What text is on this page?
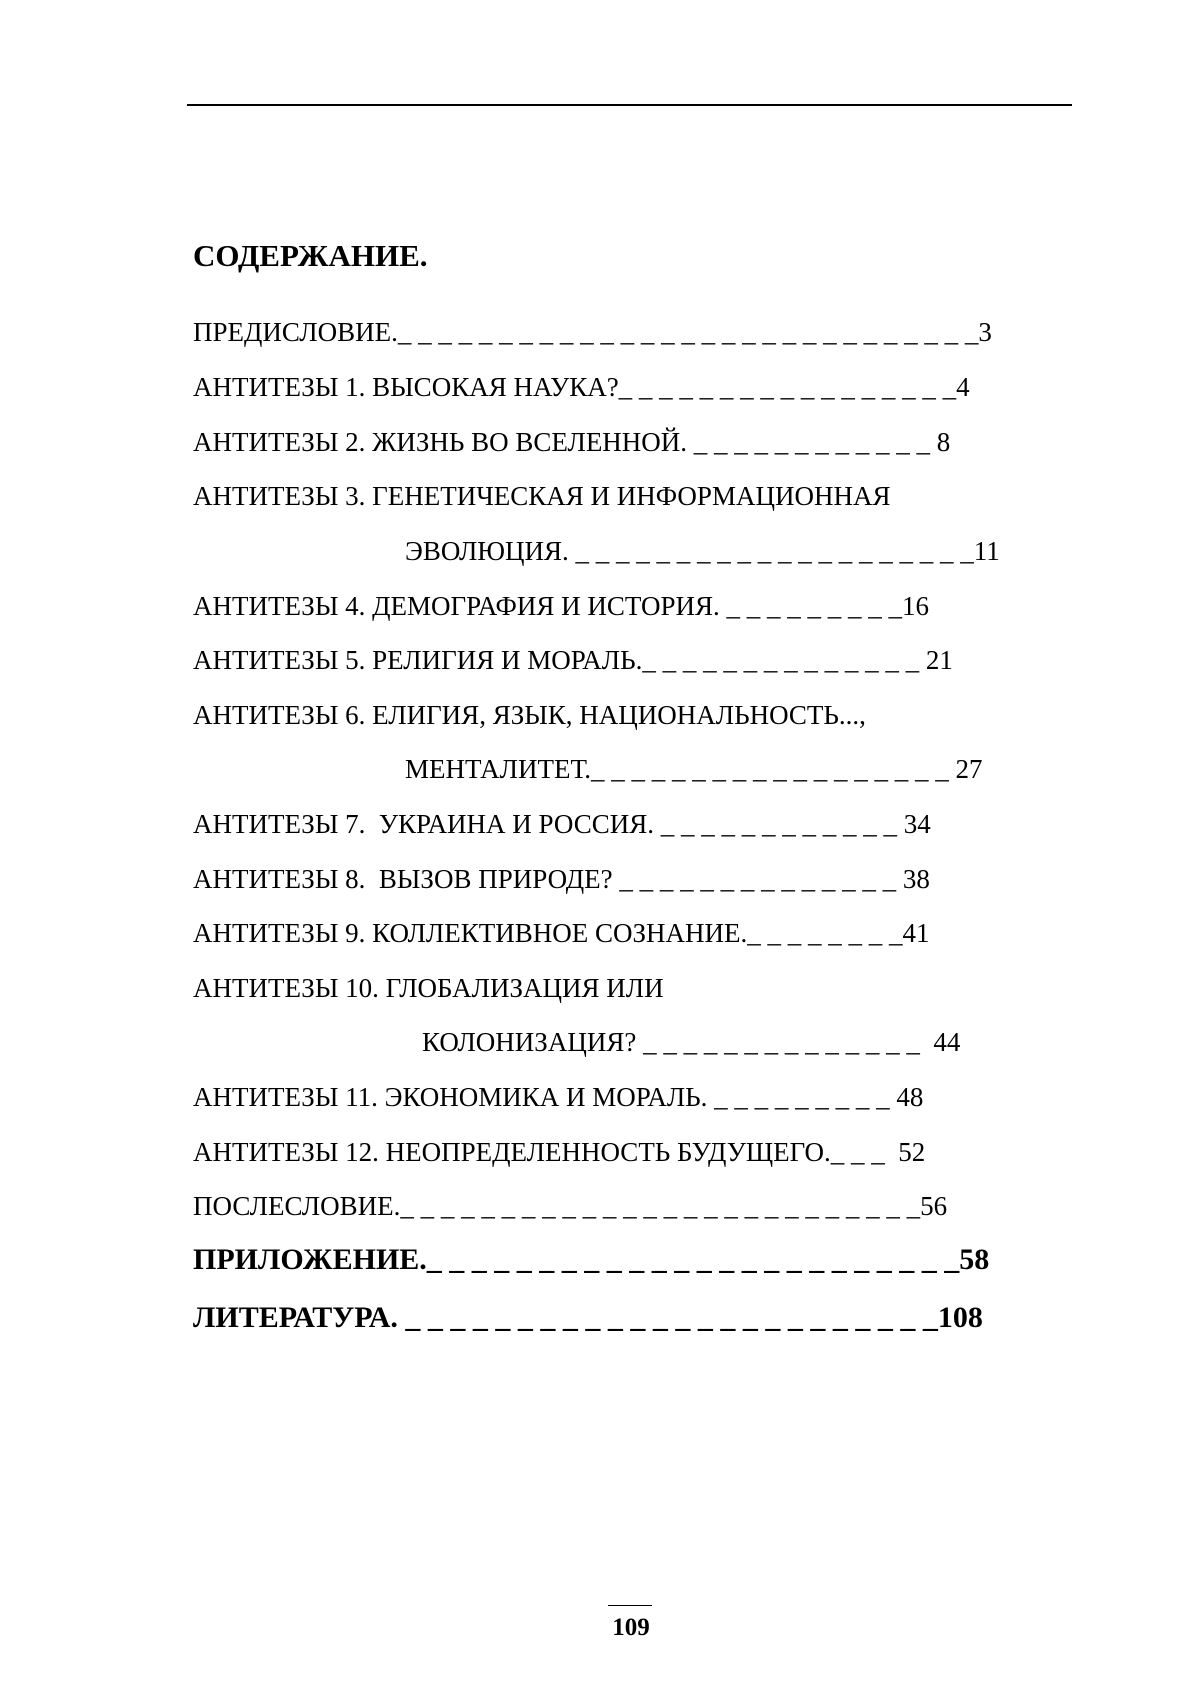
СОДЕРЖАНИЕ.

ПРЕДИСЛОВИЕ._ _ _ _ _ _ _ _ _ _ _ _ _ _ _ _ _ _ _ _ _ _ _ _ _ _ _ _ _3

АНТИТЕЗЫ 1. ВЫСОКАЯ НАУКА?_ _ _ _ _ _ _ _ _ _ _ _ _ _ _ _ _4

АНТИТЕЗЫ 2. ЖИЗНЬ ВО ВСЕЛЕННОЙ. _ _ _ _ _ _ _ _ _ _ _ _ 8

АНТИТЕЗЫ 3. ГЕНЕТИЧЕСКАЯ И ИНФОРМАЦИОННАЯ

ЭВОЛЮЦИЯ. _ _ _ _ _ _ _ _ _ _ _ _ _ _ _ _ _ _ _ _11

АНТИТЕЗЫ 4. ДЕМОГРАФИЯ И ИСТОРИЯ. _ _ _ _ _ _ _ _ _16

АНТИТЕЗЫ 5. РЕЛИГИЯ И МОРАЛЬ._ _ _ _ _ _ _ _ _ _ _ _ _ _ 21

АНТИТЕЗЫ 6. ЕЛИГИЯ, ЯЗЫК, НАЦИОНАЛЬНОСТЬ...,

МЕНТАЛИТЕТ._ _ _ _ _ _ _ _ _ _ _ _ _ _ _ _ _ _ 27

АНТИТЕЗЫ 7.  УКРАИНА И РОССИЯ. _ _ _ _ _ _ _ _ _ _ _ _ 34

АНТИТЕЗЫ 8.  ВЫЗОВ ПРИРОДЕ? _ _ _ _ _ _ _ _ _ _ _ _ _ _ 38

АНТИТЕЗЫ 9. КОЛЛЕКТИВНОЕ СОЗНАНИЕ._ _ _ _ _ _ _ _41

АНТИТЕЗЫ 10. ГЛОБАЛИЗАЦИЯ ИЛИ

КОЛОНИЗАЦИЯ? _ _ _ _ _ _ _ _ _ _ _ _ _ _  44

АНТИТЕЗЫ 11. ЭКОНОМИКА И МОРАЛЬ. _ _ _ _ _ _ _ _ _ 48

АНТИТЕЗЫ 12. НЕОПРЕДЕЛЕННОСТЬ БУДУЩЕГО._ _ _  52

ПОСЛЕСЛОВИЕ._ _ _ _ _ _ _ _ _ _ _ _ _ _ _ _ _ _ _ _ _ _ _ _ _ _56

ПРИЛОЖЕНИЕ._ _ _ _ _ _ _ _ _ _ _ _ _ _ _ _ _ _ _ _ _ _ _ _58

ЛИТЕРАТУРА. _ _ _ _ _ _ _ _ _ _ _ _ _ _ _ _ _ _ _ _ _ _ _ _108

109
